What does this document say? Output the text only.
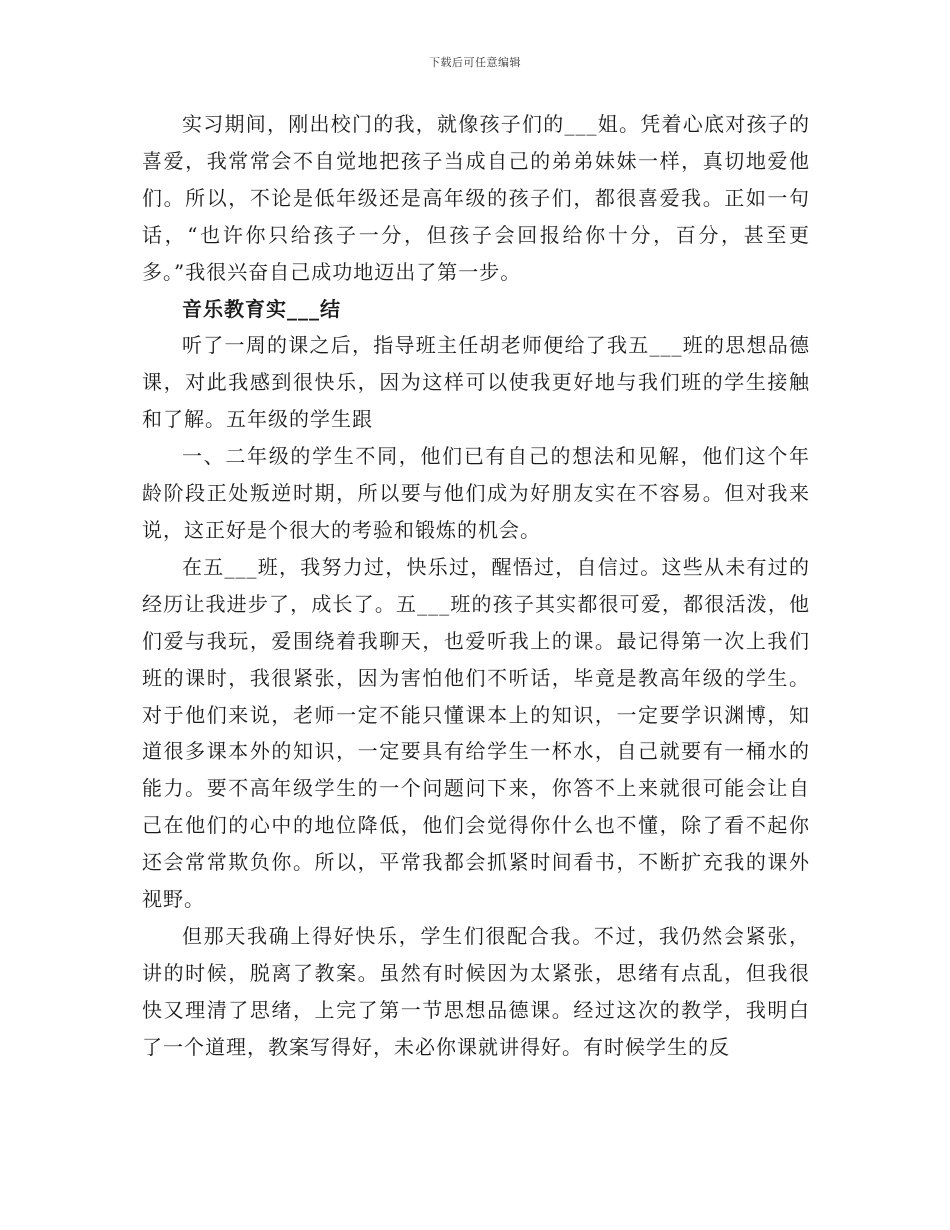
下载后可任意编辑

实习期间，刚出校门的我，就像孩子们的___姐。凭着心底对孩子的喜爱，我常常会不自觉地把孩子当成自己的弟弟妹妹一样，真切地爱他们。所以，不论是低年级还是高年级的孩子们，都很喜爱我。正如一句话，“也许你只给孩子一分，但孩子会回报给你十分，百分，甚至更多。”我很兴奋自己成功地迈出了第一步。

音乐教育实___结

听了一周的课之后，指导班主任胡老师便给了我五___班的思想品德课，对此我感到很快乐，因为这样可以使我更好地与我们班的学生接触和了解。五年级的学生跟

一、二年级的学生不同，他们已有自己的想法和见解，他们这个年龄阶段正处叛逆时期，所以要与他们成为好朋友实在不容易。但对我来说，这正好是个很大的考验和锻炼的机会。

在五___班，我努力过，快乐过，醒悟过，自信过。这些从未有过的经历让我进步了，成长了。五___班的孩子其实都很可爱，都很活泼，他们爱与我玩，爱围绕着我聊天，也爱听我上的课。最记得第一次上我们班的课时，我很紧张，因为害怕他们不听话，毕竟是教高年级的学生。对于他们来说，老师一定不能只懂课本上的知识，一定要学识渊博，知道很多课本外的知识，一定要具有给学生一杯水，自己就要有一桶水的能力。要不高年级学生的一个问题问下来，你答不上来就很可能会让自己在他们的心中的地位降低，他们会觉得你什么也不懂，除了看不起你还会常常欺负你。所以，平常我都会抓紧时间看书，不断扩充我的课外视野。

但那天我确上得好快乐，学生们很配合我。不过，我仍然会紧张，讲的时候，脱离了教案。虽然有时候因为太紧张，思绪有点乱，但我很快又理清了思绪，上完了第一节思想品德课。经过这次的教学，我明白了一个道理，教案写得好，未必你课就讲得好。有时候学生的反
